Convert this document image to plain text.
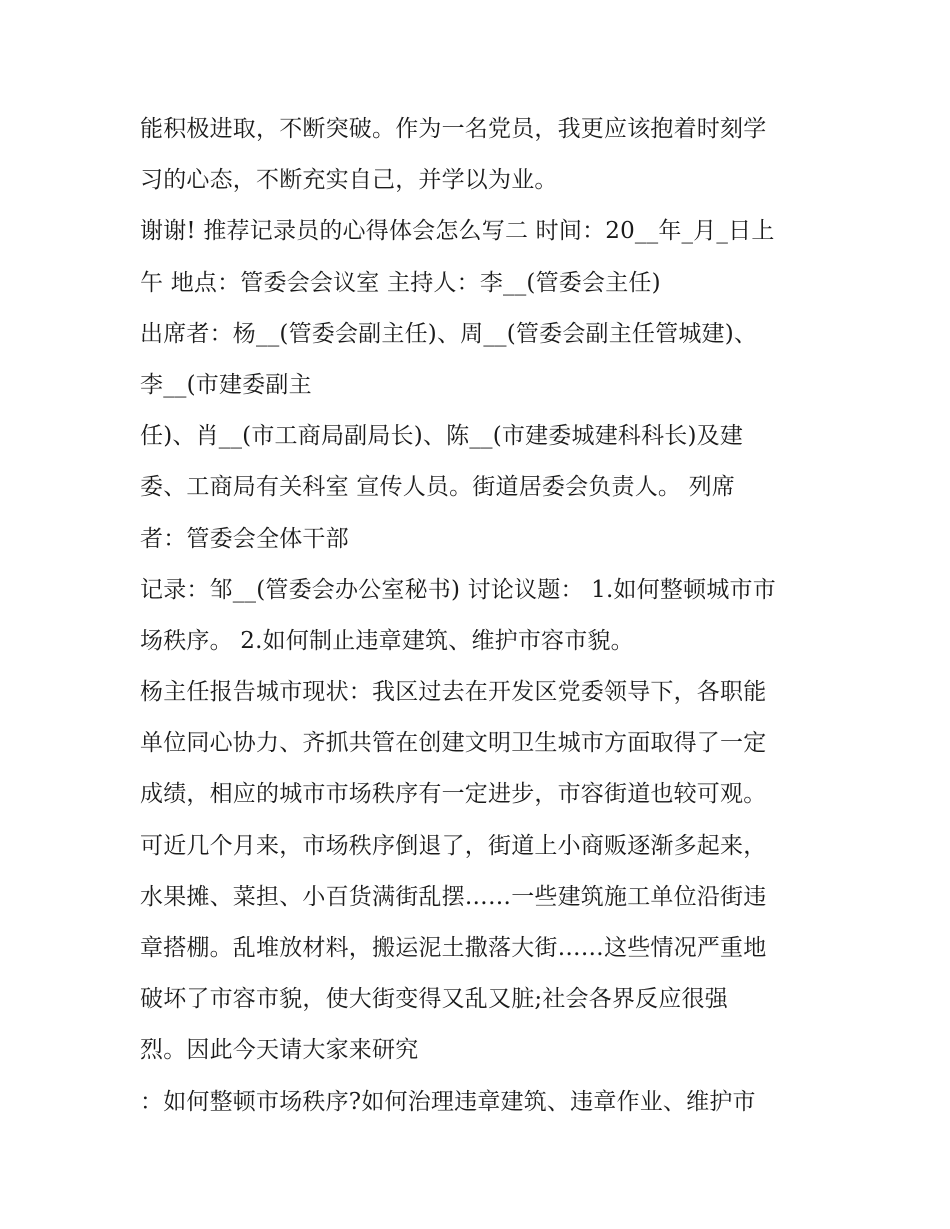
能积极进取，不断突破。作为一名党员，我更应该抱着时刻学
习的心态，不断充实自己，并学以为业。
谢谢! 推荐记录员的心得体会怎么写二 时间：20__年_月_日上
午 地点：管委会会议室 主持人：李__(管委会主任)
出席者：杨__(管委会副主任)、周__(管委会副主任管城建)、
李__(市建委副主
任)、肖__(市工商局副局长)、陈__(市建委城建科科长)及建
委、工商局有关科室 宣传人员。街道居委会负责人。 列席
者：管委会全体干部
记录：邹__(管委会办公室秘书) 讨论议题： 1.如何整顿城市市
场秩序。 2.如何制止违章建筑、维护市容市貌。
杨主任报告城市现状：我区过去在开发区党委领导下，各职能
单位同心协力、齐抓共管在创建文明卫生城市方面取得了一定
成绩，相应的城市市场秩序有一定进步，市容街道也较可观。
可近几个月来，市场秩序倒退了，街道上小商贩逐渐多起来，
水果摊、菜担、小百货满街乱摆……一些建筑施工单位沿街违
章搭棚。乱堆放材料，搬运泥土撒落大街……这些情况严重地
破坏了市容市貌，使大街变得又乱又脏;社会各界反应很强
烈。因此今天请大家来研究
：如何整顿市场秩序?如何治理违章建筑、违章作业、维护市
